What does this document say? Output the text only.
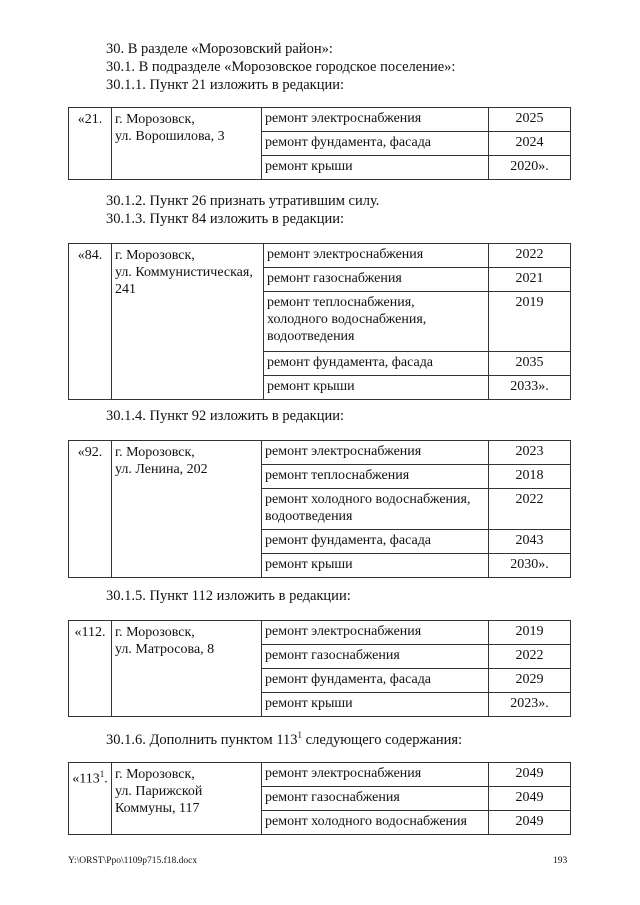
30. В разделе «Морозовский район»:
30.1. В подразделе «Морозовское городское поселение»:
30.1.1. Пункт 21 изложить в редакции:
«21.	г. Морозовск,
ул. Ворошилова, 3	ремонт электроснабжения	2025
		ремонт фундамента, фасада	2024
		ремонт крыши	2020».
30.1.2. Пункт 26 признать утратившим силу.
30.1.3. Пункт 84 изложить в редакции:
«84.	г. Морозовск,
ул. Коммунистическая,
241	ремонт электроснабжения	2022
		ремонт газоснабжения	2021

		ремонт теплоснабжения,
холодного водоснабжения,
водоотведения	2019
		ремонт фундамента, фасада	2035
		ремонт крыши	2033».
30.1.4. Пункт 92 изложить в редакции:
«92.	г. Морозовск,
ул. Ленина, 202	ремонт электроснабжения	2023
		ремонт теплоснабжения	2018

		ремонт холодного водоснабжения,
водоотведения	2022
		ремонт фундамента, фасада	2043
		ремонт крыши	2030».
30.1.5. Пункт 112 изложить в редакции:
«112.	г. Морозовск,
ул. Матросова, 8	ремонт электроснабжения	2019
		ремонт газоснабжения	2022
		ремонт фундамента, фасада	2029
		ремонт крыши	2023».
30.1.6. Дополнить пунктом $113^1$ следующего содержания:
«$113^1$.	г. Морозовск,
ул. Парижской
Коммуны, 117	ремонт электроснабжения	2049
		ремонт газоснабжения	2049
		ремонт холодного водоснабжения	2049
Y:\ORST\Ppo\1109p715.f18.docx	193
